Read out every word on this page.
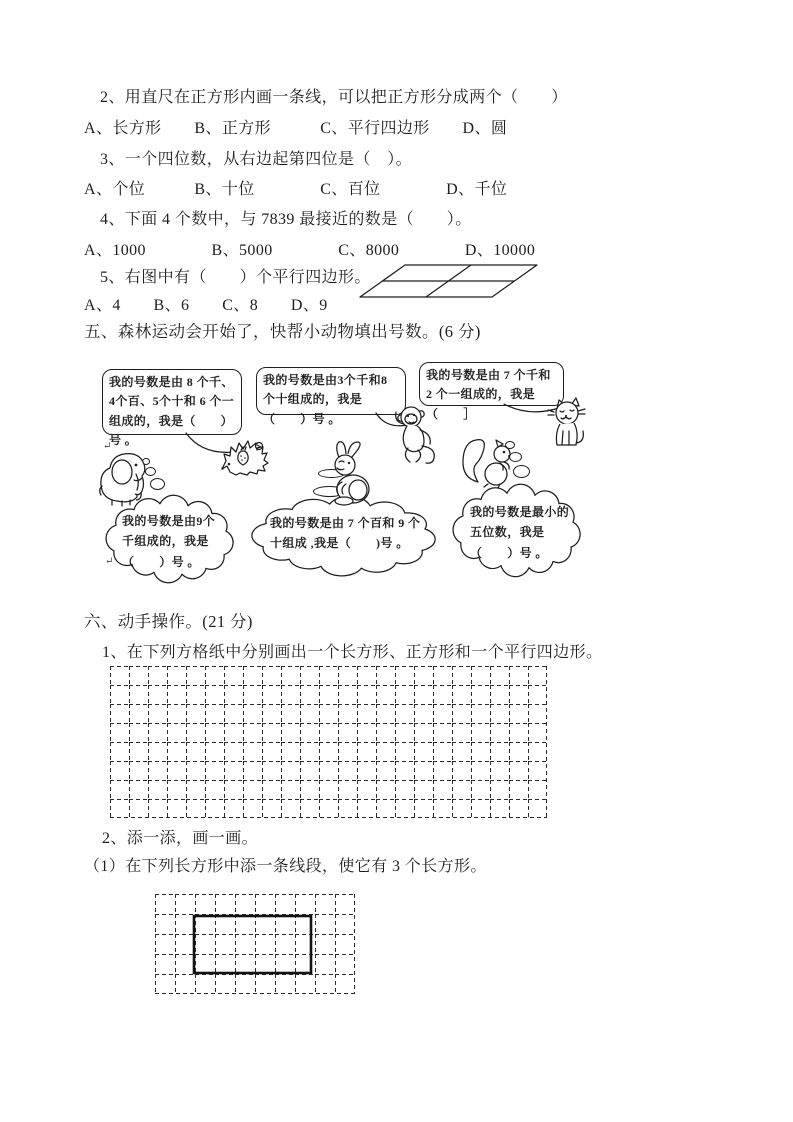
2、用直尺在正方形内画一条线，可以把正方形分成两个（　　）
A、长方形　　B、正方形　　　C、平行四边形　　D、圆
3、一个四位数，从右边起第四位是（　）。
A、个位　　　B、十位　　　　C、百位　　　　D、千位
4、下面 4 个数中，与 7839 最接近的数是（　　）。
A、1000　　　　B、5000　　　　C、8000　　　　D、10000
5、右图中有（　　）个平行四边形。
A、4　　B、6　　C、8　　D、9
五、森林运动会开始了，快帮小动物填出号数。(6 分)
我的号数是由 8 个千、4个百、5个十和 6 个一组成的，我是（　　）号 。
我的号数是由3个千和8个十组成的，我是（　　）号 。
我的号数是由 7 个千和 2 个一组成的，我是（　　］
我的号数是由9个千组成的，我是（　　）号 。
我的号数是由 7 个百和 9 个十组成 ,我是（　　)号 。
我的号数是最小的五位数，我是（　　）号 。
↵
↵
六、动手操作。(21 分)
1、在下列方格纸中分别画出一个长方形、正方形和一个平行四边形。
2、添一添，画一画。
（1）在下列长方形中添一条线段，使它有 3 个长方形。
